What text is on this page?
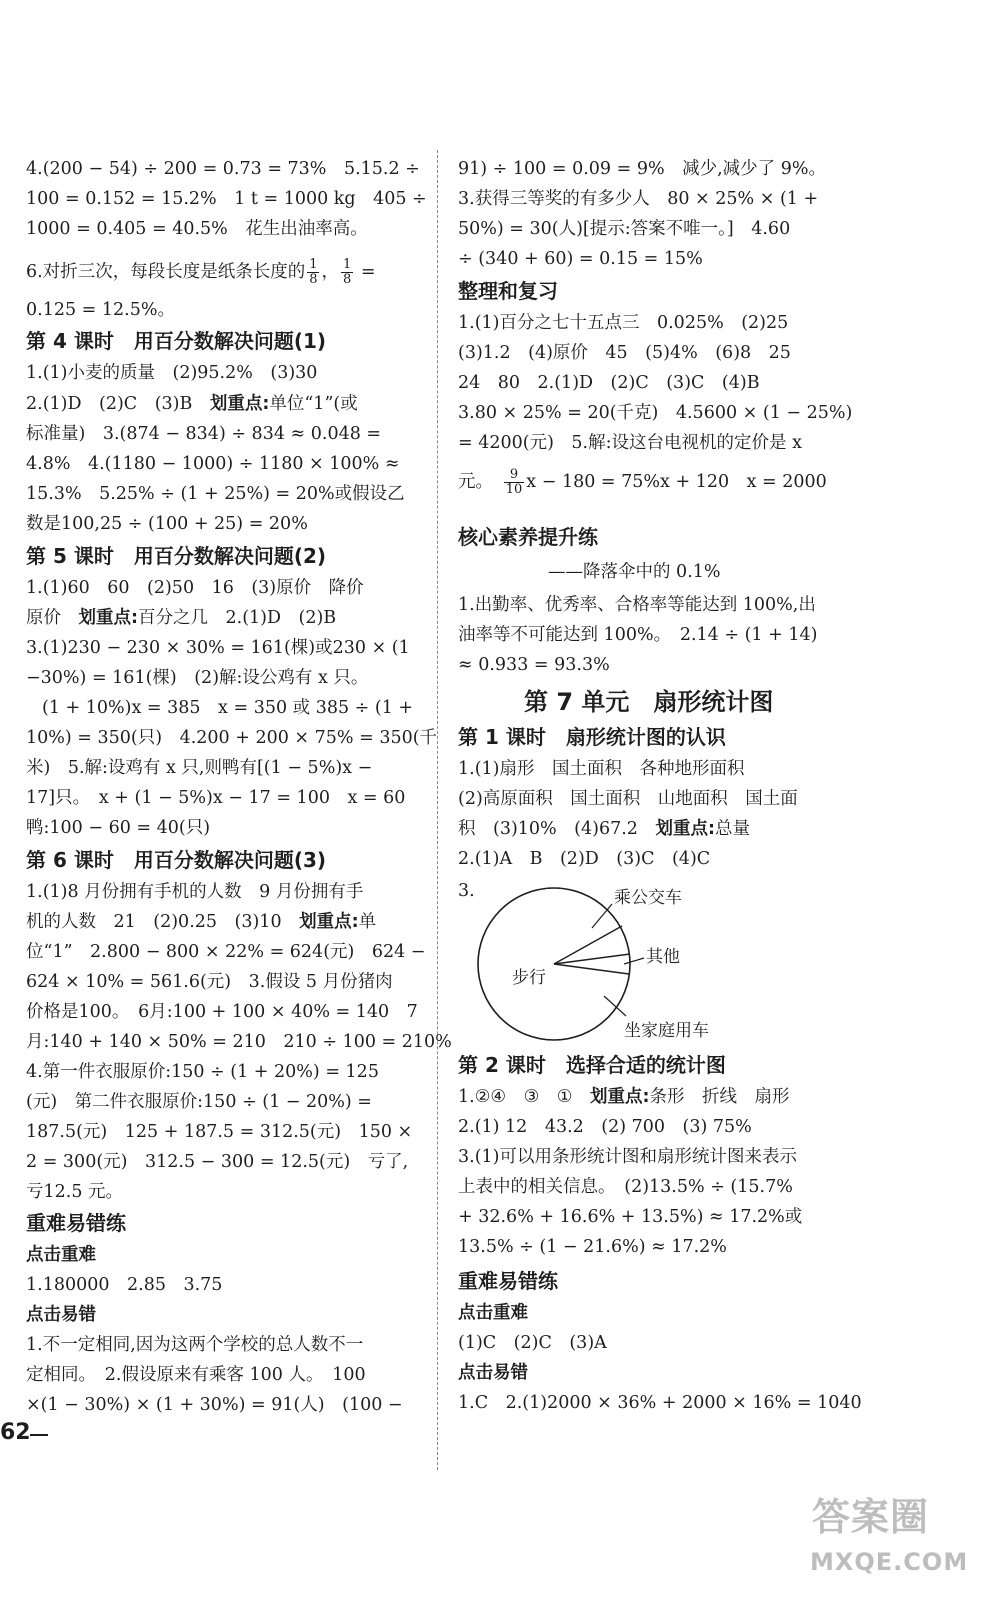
4.(200 − 54) ÷ 200 = 0.73 = 73%　5.15.2 ÷
100 = 0.152 = 15.2%　1 t = 1000 kg　405 ÷
1000 = 0.405 = 40.5%　花生出油率高。
6.对折三次，每段长度是纸条长度的 $\frac{1}{8}$ ， $\frac{1}{8}$ =
0.125 = 12.5%。
第 4 课时　用百分数解决问题(1)
1.(1)小麦的质量　(2)95.2%　(3)30
2.(1)D　(2)C　(3)B　划重点:单位“1”(或
标准量)　3.(874 − 834) ÷ 834 ≈ 0.048 =
4.8%　4.(1180 − 1000) ÷ 1180 × 100% ≈
15.3%　5.25% ÷ (1 + 25%) = 20%或假设乙
数是100,25 ÷ (100 + 25) = 20%
第 5 课时　用百分数解决问题(2)
1.(1)60　60　(2)50　16　(3)原价　降价
原价　划重点:百分之几　2.(1)D　(2)B
3.(1)230 − 230 × 30% = 161(棵)或230 × (1
−30%) = 161(棵)　(2)解:设公鸡有 x 只。
(1 + 10%)x = 385　x = 350 或 385 ÷ (1 +
10%) = 350(只)　4.200 + 200 × 75% = 350(千
米)　5.解:设鸡有 x 只,则鸭有[(1 − 5%)x −
17]只。　x + (1 − 5%)x − 17 = 100　x = 60
鸭:100 − 60 = 40(只)
第 6 课时　用百分数解决问题(3)
1.(1)8 月份拥有手机的人数　9 月份拥有手
机的人数　21　(2)0.25　(3)10　划重点:单
位“1”　2.800 − 800 × 22% = 624(元)　624 −
624 × 10% = 561.6(元)　3.假设 5 月份猪肉
价格是100。　6月:100 + 100 × 40% = 140　7
月:140 + 140 × 50% = 210　210 ÷ 100 = 210%
4.第一件衣服原价:150 ÷ (1 + 20%) = 125
(元)　第二件衣服原价:150 ÷ (1 − 20%) =
187.5(元)　125 + 187.5 = 312.5(元)　150 ×
2 = 300(元)　312.5 − 300 = 12.5(元)　亏了,
亏12.5 元。
重难易错练
点击重难
1.180000　2.85　3.75
点击易错
1.不一定相同,因为这两个学校的总人数不一
定相同。　2.假设原来有乘客 100 人。　100
×(1 − 30%) × (1 + 30%) = 91(人)　(100 −
91) ÷ 100 = 0.09 = 9%　减少,减少了 9%。
3.获得三等奖的有多少人　80 × 25% × (1 +
50%) = 30(人)[提示:答案不唯一。]　4.60
÷ (340 + 60) = 0.15 = 15%
整理和复习
1.(1)百分之七十五点三　0.025%　(2)25
(3)1.2　(4)原价　45　(5)4%　(6)8　25
24　80　2.(1)D　(2)C　(3)C　(4)B
3.80 × 25% = 20(千克)　4.5600 × (1 − 25%)
= 4200(元)　5.解:设这台电视机的定价是 x
元。　 $\frac{9}{10}$ x − 180 = 75%x + 120　x = 2000
核心素养提升练
——降落伞中的 0.1%
1.出勤率、优秀率、合格率等能达到 100%,出
油率等不可能达到 100%。　2.14 ÷ (1 + 14)
≈ 0.933 = 93.3%
第 7 单元　扇形统计图
第 1 课时　扇形统计图的认识
1.(1)扇形　国土面积　各种地形面积
(2)高原面积　国土面积　山地面积　国土面
积　(3)10%　(4)67.2　划重点:总量
2.(1)A　B　(2)D　(3)C　(4)C
3.	乘公交车
其他
步行
坐家庭用车
第 2 课时　选择合适的统计图
1.②④　③　①　划重点:条形　折线　扇形
2.(1) 12　43.2　(2) 700　(3) 75%
3.(1)可以用条形统计图和扇形统计图来表示
上表中的相关信息。　(2)13.5% ÷ (15.7%
+ 32.6% + 16.6% + 13.5%) ≈ 17.2%或
13.5% ÷ (1 − 21.6%) ≈ 17.2%
重难易错练
点击重难
(1)C　(2)C　(3)A
点击易错
1.C　2.(1)2000 × 36% + 2000 × 16% = 1040
62
答案圈
MXQE.COM
